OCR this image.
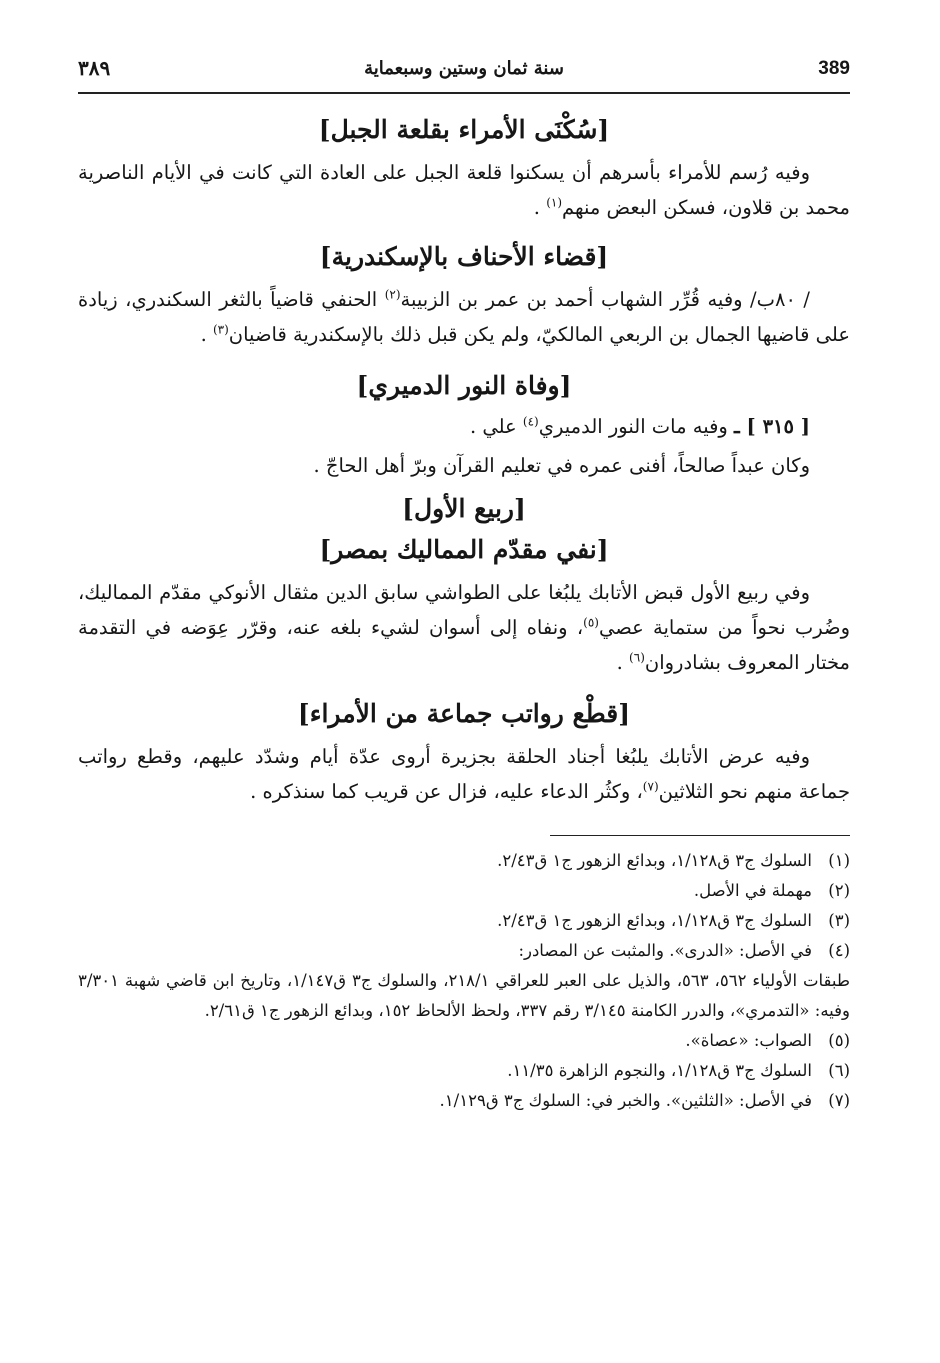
389
سنة ثمان وستين وسبعماية
٣٨٩
[سُكْنَى الأمراء بقلعة الجبل]

وفيه رُسم للأمراء بأسرهم أن يسكنوا قلعة الجبل على العادة التي كانت في الأيام الناصرية محمد بن قلاون، فسكن البعض منهم$^{(١)}$ .

[قضاء الأحناف بالإسكندرية]

/ ٨٠ب/ وفيه قُرِّر الشهاب أحمد بن عمر بن الزبيبة$^{(٢)}$ الحنفي قاضياً بالثغر السكندري، زيادة على قاضيها الجمال بن الربعي المالكيّ، ولم يكن قبل ذلك بالإسكندرية قاضيان$^{(٣)}$ .

[وفاة النور الدميري]

[ ٣١٥ ] ـ وفيه مات النور الدميري$^{(٤)}$ علي .

وكان عبداً صالحاً، أفنى عمره في تعليم القرآن وبرّ أهل الحاجّ .

[ربيع الأول]
[نفي مقدّم المماليك بمصر]

وفي ربيع الأول قبض الأتابك يلبُغا على الطواشي سابق الدين مثقال الأنوكي مقدّم المماليك، وضُرب نحواً من ستماية عصي$^{(٥)}$، ونفاه إلى أسوان لشيء بلغه عنه، وقرّر عِوَضه في التقدمة مختار المعروف بشادروان$^{(٦)}$ .

[قطْع رواتب جماعة من الأمراء]

وفيه عرض الأتابك يلبُغا أجناد الحلقة بجزيرة أروى عدّة أيام وشدّد عليهم، وقطع رواتب جماعة منهم نحو الثلاثين$^{(٧)}$، وكثُر الدعاء عليه، فزال عن قريب كما سنذكره .

(١)
السلوك ج٣ ق١/١٢٨، وبدائع الزهور ج١ ق٢/٤٣.
(٢)
مهملة في الأصل.
(٣)
السلوك ج٣ ق١/١٢٨، وبدائع الزهور ج١ ق٢/٤٣.
(٤)
في الأصل: «الدرى». والمثبت عن المصادر:
طبقات الأولياء ٥٦٢، ٥٦٣، والذيل على العبر للعراقي ٢١٨/١، والسلوك ج٣ ق١/١٤٧، وتاريخ ابن قاضي شهبة ٣/٣٠١ وفيه: «التدمري»، والدرر الكامنة ٣/١٤٥ رقم ٣٣٧، ولحظ الألحاظ ١٥٢، وبدائع الزهور ج١ ق٢/٦١.
(٥)
الصواب: «عصاة».
(٦)
السلوك ج٣ ق١/١٢٨، والنجوم الزاهرة ١١/٣٥.
(٧)
في الأصل: «الثلثين». والخبر في: السلوك ج٣ ق١/١٢٩.
